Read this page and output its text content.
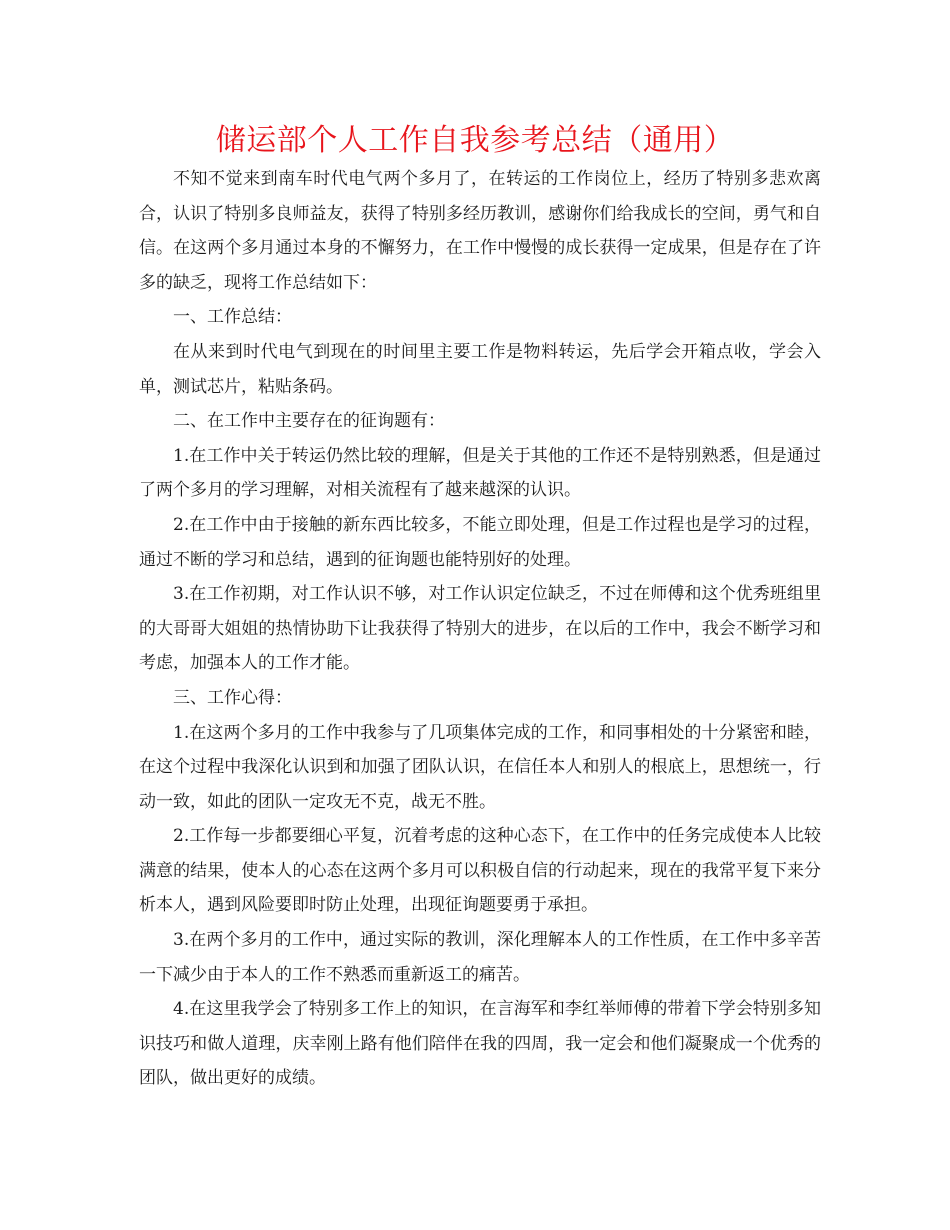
储运部个人工作自我参考总结（通用）

不知不觉来到南车时代电气两个多月了，在转运的工作岗位上，经历了特别多悲欢离合，认识了特别多良师益友，获得了特别多经历教训，感谢你们给我成长的空间，勇气和自信。在这两个多月通过本身的不懈努力，在工作中慢慢的成长获得一定成果，但是存在了许多的缺乏，现将工作总结如下：

一、工作总结：

在从来到时代电气到现在的时间里主要工作是物料转运，先后学会开箱点收，学会入单，测试芯片，粘贴条码。

二、在工作中主要存在的征询题有：

1.在工作中关于转运仍然比较的理解，但是关于其他的工作还不是特别熟悉，但是通过了两个多月的学习理解，对相关流程有了越来越深的认识。

2.在工作中由于接触的新东西比较多，不能立即处理，但是工作过程也是学习的过程，通过不断的学习和总结，遇到的征询题也能特别好的处理。

3.在工作初期，对工作认识不够，对工作认识定位缺乏，不过在师傅和这个优秀班组里的大哥哥大姐姐的热情协助下让我获得了特别大的进步，在以后的工作中，我会不断学习和考虑，加强本人的工作才能。

三、工作心得：

1.在这两个多月的工作中我参与了几项集体完成的工作，和同事相处的十分紧密和睦，在这个过程中我深化认识到和加强了团队认识，在信任本人和别人的根底上，思想统一，行动一致，如此的团队一定攻无不克，战无不胜。

2.工作每一步都要细心平复，沉着考虑的这种心态下，在工作中的任务完成使本人比较满意的结果，使本人的心态在这两个多月可以积极自信的行动起来，现在的我常平复下来分析本人，遇到风险要即时防止处理，出现征询题要勇于承担。

3.在两个多月的工作中，通过实际的教训，深化理解本人的工作性质，在工作中多辛苦一下减少由于本人的工作不熟悉而重新返工的痛苦。

4.在这里我学会了特别多工作上的知识，在言海军和李红举师傅的带着下学会特别多知识技巧和做人道理，庆幸刚上路有他们陪伴在我的四周，我一定会和他们凝聚成一个优秀的团队，做出更好的成绩。
